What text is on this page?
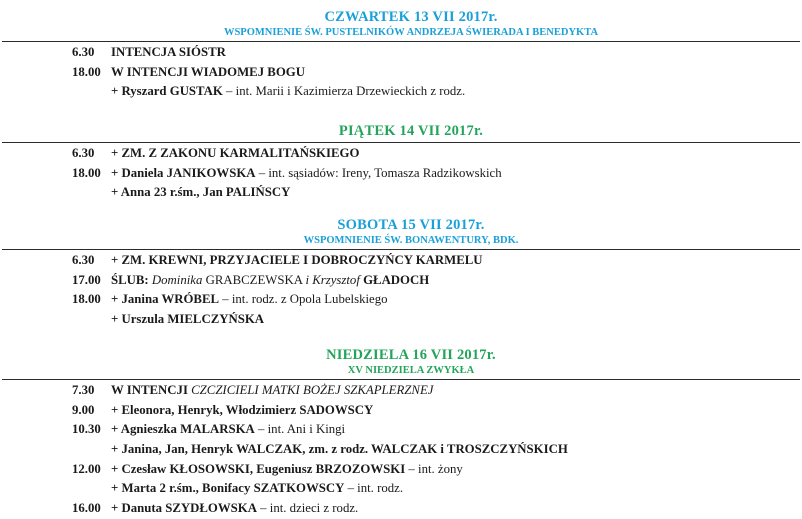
CZWARTEK 13 VII 2017r.
WSPOMNIENIE ŚW. PUSTELNIKÓW ANDRZEJA ŚWIERADA I BENEDYKTA
6.30 INTENCJA SIÓSTR
18.00 W INTENCJI WIADOMEJ BOGU
+ Ryszard GUSTAK – int. Marii i Kazimierza Drzewieckich z rodz.
PIĄTEK 14 VII 2017r.
6.30 + ZM. Z ZAKONU KARMALITAŃSKIEGO
18.00 + Daniela JANIKOWSKA – int. sąsiadów: Ireny, Tomasza Radzikowskich
+ Anna 23 r.śm., Jan PALIŃSCY
SOBOTA 15 VII 2017r.
WSPOMNIENIE ŚW. BONAWENTURY, BDK.
6.30 + ZM. KREWNI, PRZYJACIELE I DOBROCZYŃCY KARMELU
17.00 ŚLUB: Dominika GRABCZEWSKA i Krzysztof GŁADOCH
18.00 + Janina WRÓBEL – int. rodz. z Opola Lubelskiego
+ Urszula MIELCZYŃSKA
NIEDZIELA 16 VII 2017r.
XV NIEDZIELA ZWYKŁA
7.30 W INTENCJI CZCZICIELI MATKI BOŻEJ SZKAPLERZNEJ
9.00 + Eleonora, Henryk, Włodzimierz SADOWSCY
10.30 + Agnieszka MALARSKA – int. Ani i Kingi
+ Janina, Jan, Henryk WALCZAK, zm. z rodz. WALCZAK i TROSZCZYŃSKICH
12.00 + Czesław KŁOSOWSKI, Eugeniusz BRZOZOWSKI – int. żony
+ Marta 2 r.śm., Bonifacy SZATKOWSCY – int. rodz.
16.00 + Danuta SZYDŁOWSKA – int. dzieci z rodz.
